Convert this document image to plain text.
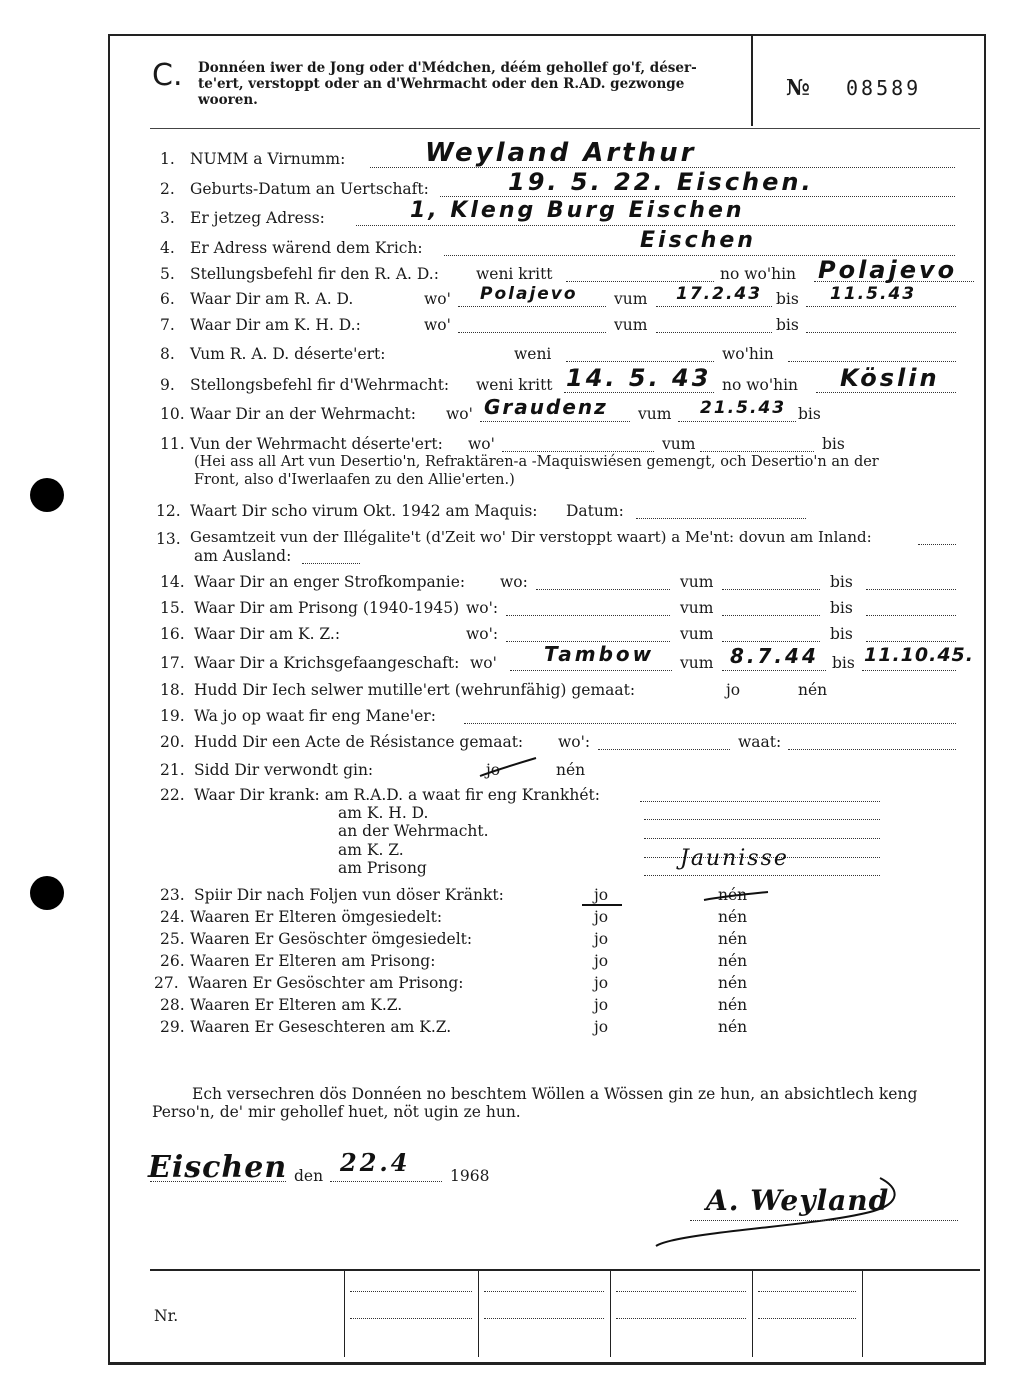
C. Donnéen iwer de Jong oder d'Médchen, déém gehollef go'f, déser-
te'ert, verstoppt oder an d'Wehrmacht oder den R.AD. gezwonge
wooren.	№ 08589
1. NUMM a Virnumm:	Weyland Arthur
2. Geburts-Datum an Uertschaft:	19. 5. 22. Eischen.
3. Er jetzeg Adress:	1, Kleng Burg Eischen
4. Er Adress wärend dem Krich:	Eischen
5. Stellungsbefehl fir den R. A. D.: weni kritt	no wo'hin Polajevo
6. Waar Dir am R. A. D.	wo' Polajevo vum 17.2.43 bis 11.5.43
7. Waar Dir am K. H. D.:	wo'	vum	bis
8. Vum R. A. D. déserte'ert:	weni	wo'hin
9. Stellongsbefehl fir d'Wehrmacht: weni kritt 14. 5. 43 no wo'hin Köslin
10. Waar Dir an der Wehrmacht: wo' Graudenz vum 21.5.43 bis
11. Vun der Wehrmacht déserte'ert: wo'	vum	bis
(Hei ass all Art vun Desertio'n, Refraktären-a -Maquiswiésen gemengt, och Desertio'n an der
Front, also d'Iwerlaafen zu den Allie'erten.)
12. Waart Dir scho virum Okt. 1942 am Maquis: Datum:
13. Gesamtzeit vun der Illégalite't (d'Zeit wo' Dir verstoppt waart) a Me'nt: dovun am Inland:
am Ausland:
14. Waar Dir an enger Strofkompanie: wo:	vum	bis
15. Waar Dir am Prisong (1940-1945) wo':	vum	bis
16. Waar Dir am K. Z.:	wo':	vum	bis
17. Waar Dir a Krichsgefaangeschaft: wo' Tambow vum 8.7.44 bis 11.10.45.
18. Hudd Dir Iech selwer mutille'ert (wehrunfähig) gemaat:	jo	nén
19. Wa jo op waat fir eng Mane'er:
20. Hudd Dir een Acte de Résistance gemaat: wo':	waat:
21. Sidd Dir verwondt gin:	jo	nén
22. Waar Dir krank: am R.A.D. a waat fir eng Krankhét:
am K. H. D.
an der Wehrmacht.
am K. Z.
am Prisong	Jaunisse
23. Spiir Dir nach Foljen vun döser Kränkt:	jo	nén
24. Waaren Er Elteren ömgesiedelt:	jo	nén
25. Waaren Er Gesöschter ömgesiedelt:	jo	nén
26. Waaren Er Elteren am Prisong:	jo	nén
27. Waaren Er Gesöschter am Prisong:	jo	nén
28. Waaren Er Elteren am K.Z.	jo	nén
29. Waaren Er Geseschteren am K.Z.	jo	nén
Ech versechren dös Donnéen no beschtem Wöllen a Wössen gin ze hun, an absichtlech keng
Perso'n, de' mir gehollef huet, nöt ugin ze hun.
Eischen den 22.4	1968
A. Weyland
Nr.
